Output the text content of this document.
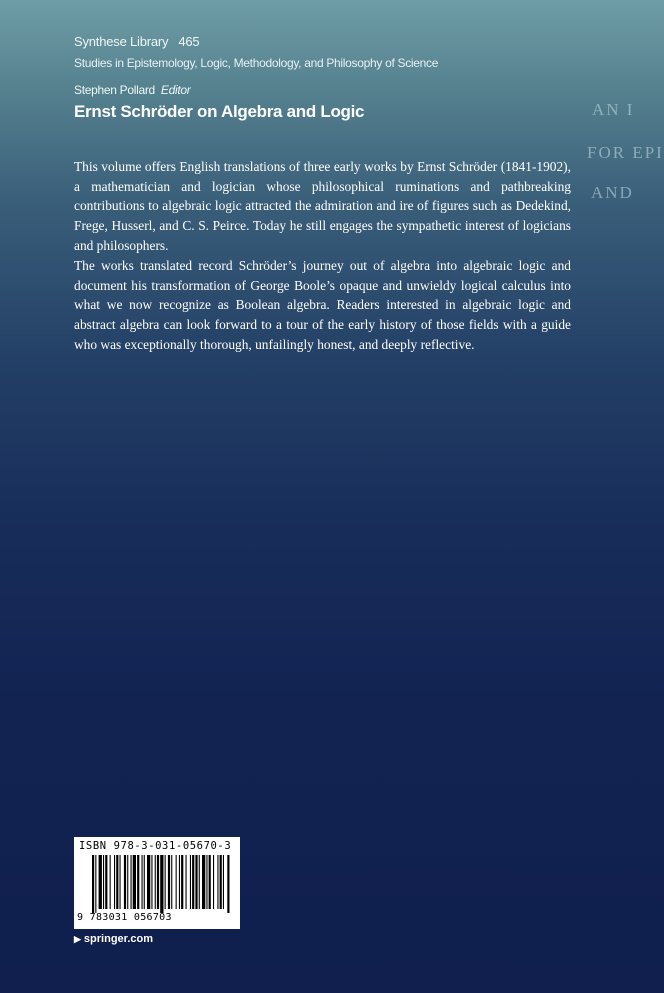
Synthese Library 465
Studies in Epistemology, Logic, Methodology, and Philosophy of Science
Stephen Pollard Editor
Ernst Schröder on Algebra and Logic	AN I
FOR EPI
AND

This volume offers English translations of three early works by Ernst Schröder (1841-1902), a mathematician and logician whose philosophical ruminations and pathbreaking contributions to algebraic logic attracted the admiration and ire of figures such as Dedekind, Frege, Husserl, and C. S. Peirce. Today he still engages the sympathetic interest of logicians and philosophers.

The works translated record Schröder’s journey out of algebra into algebraic logic and document his transformation of George Boole’s opaque and unwieldy logical calculus into what we now recognize as Boolean algebra. Readers interested in algebraic logic and abstract algebra can look forward to a tour of the early history of those fields with a guide who was exceptionally thorough, unfailingly honest, and deeply reflective.

ISBN 978-3-031-05670-3
9 783031 056703
▶ springer.com
